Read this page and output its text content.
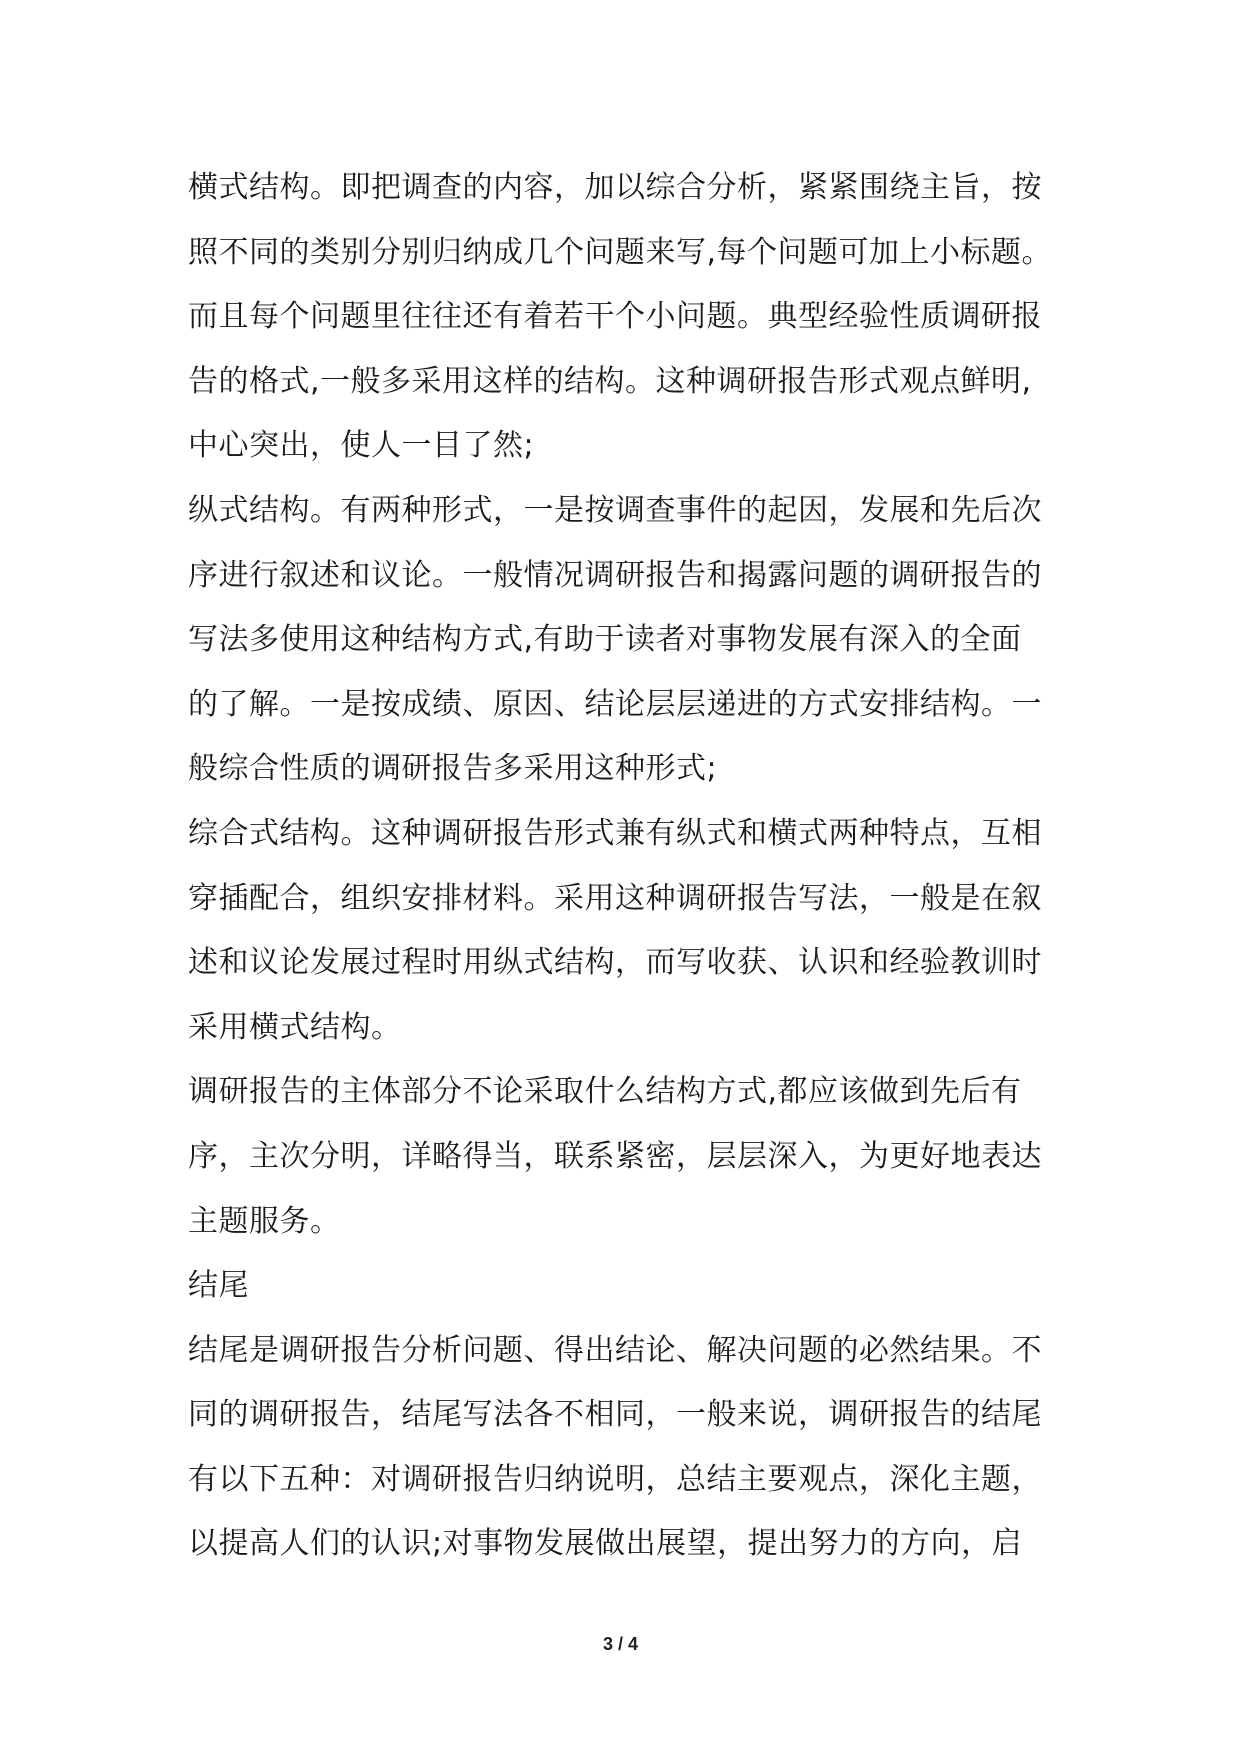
横式结构。即把调查的内容，加以综合分析，紧紧围绕主旨，按
照不同的类别分别归纳成几个问题来写,每个问题可加上小标题。
而且每个问题里往往还有着若干个小问题。典型经验性质调研报
告的格式,一般多采用这样的结构。这种调研报告形式观点鲜明,
中心突出，使人一目了然;
纵式结构。有两种形式，一是按调查事件的起因，发展和先后次
序进行叙述和议论。一般情况调研报告和揭露问题的调研报告的
写法多使用这种结构方式,有助于读者对事物发展有深入的全面
的了解。一是按成绩、原因、结论层层递进的方式安排结构。一
般综合性质的调研报告多采用这种形式;
综合式结构。这种调研报告形式兼有纵式和横式两种特点，互相
穿插配合，组织安排材料。采用这种调研报告写法，一般是在叙
述和议论发展过程时用纵式结构，而写收获、认识和经验教训时
采用横式结构。
调研报告的主体部分不论采取什么结构方式,都应该做到先后有
序，主次分明，详略得当，联系紧密，层层深入，为更好地表达
主题服务。
结尾
结尾是调研报告分析问题、得出结论、解决问题的必然结果。不
同的调研报告，结尾写法各不相同，一般来说，调研报告的结尾
有以下五种：对调研报告归纳说明，总结主要观点，深化主题，
以提高人们的认识;对事物发展做出展望，提出努力的方向，启
3 / 4
